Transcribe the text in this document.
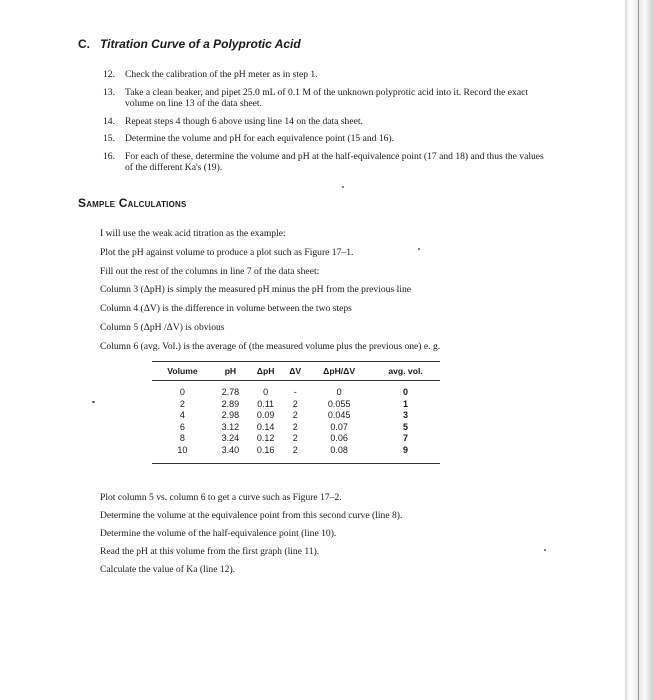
C. Titration Curve of a Polyprotic Acid
12.	Check the calibration of the pH meter as in step 1.
13.	Take a clean beaker, and pipet 25.0 mL of 0.1 M of the unknown polyprotic acid into it. Record the exact volume on line 13 of the data sheet.
14.	Repeat steps 4 though 6 above using line 14 on the data sheet.
15.	Determine the volume and pH for each equivalence point (15 and 16).
16.	For each of these, determine the volume and pH at the half-equivalence point (17 and 18) and thus the values of the different Ka's (19).
Sample Calculations

I will use the weak acid titration as the example:

Plot the pH against volume to produce a plot such as Figure 17–1.

Fill out the rest of the columns in line 7 of the data sheet:

Column 3 (ΔpH) is simply the measured pH minus the pH from the previous line

Column 4 (ΔV) is the difference in volume between the two steps

Column 5 (ΔpH /ΔV) is obvious

Column 6 (avg. Vol.) is the average of (the measured volume plus the previous one) e. g.

Volume	pH	ΔpH	ΔV	ΔpH/ΔV	avg. vol.
0	2.78	0	-	0	0
2	2.89	0.11	2	0.055	1
4	2.98	0.09	2	0.045	3
6	3.12	0.14	2	0.07	5
8	3.24	0.12	2	0.06	7
10	3.40	0.16	2	0.08	9

Plot column 5 vs. column 6 to get a curve such as Figure 17–2.

Determine the volume at the equivalence point from this second curve (line 8).

Determine the volume of the half-equivalence point (line 10).

Read the pH at this volume from the first graph (line 11).

Calculate the value of Ka (line 12).
